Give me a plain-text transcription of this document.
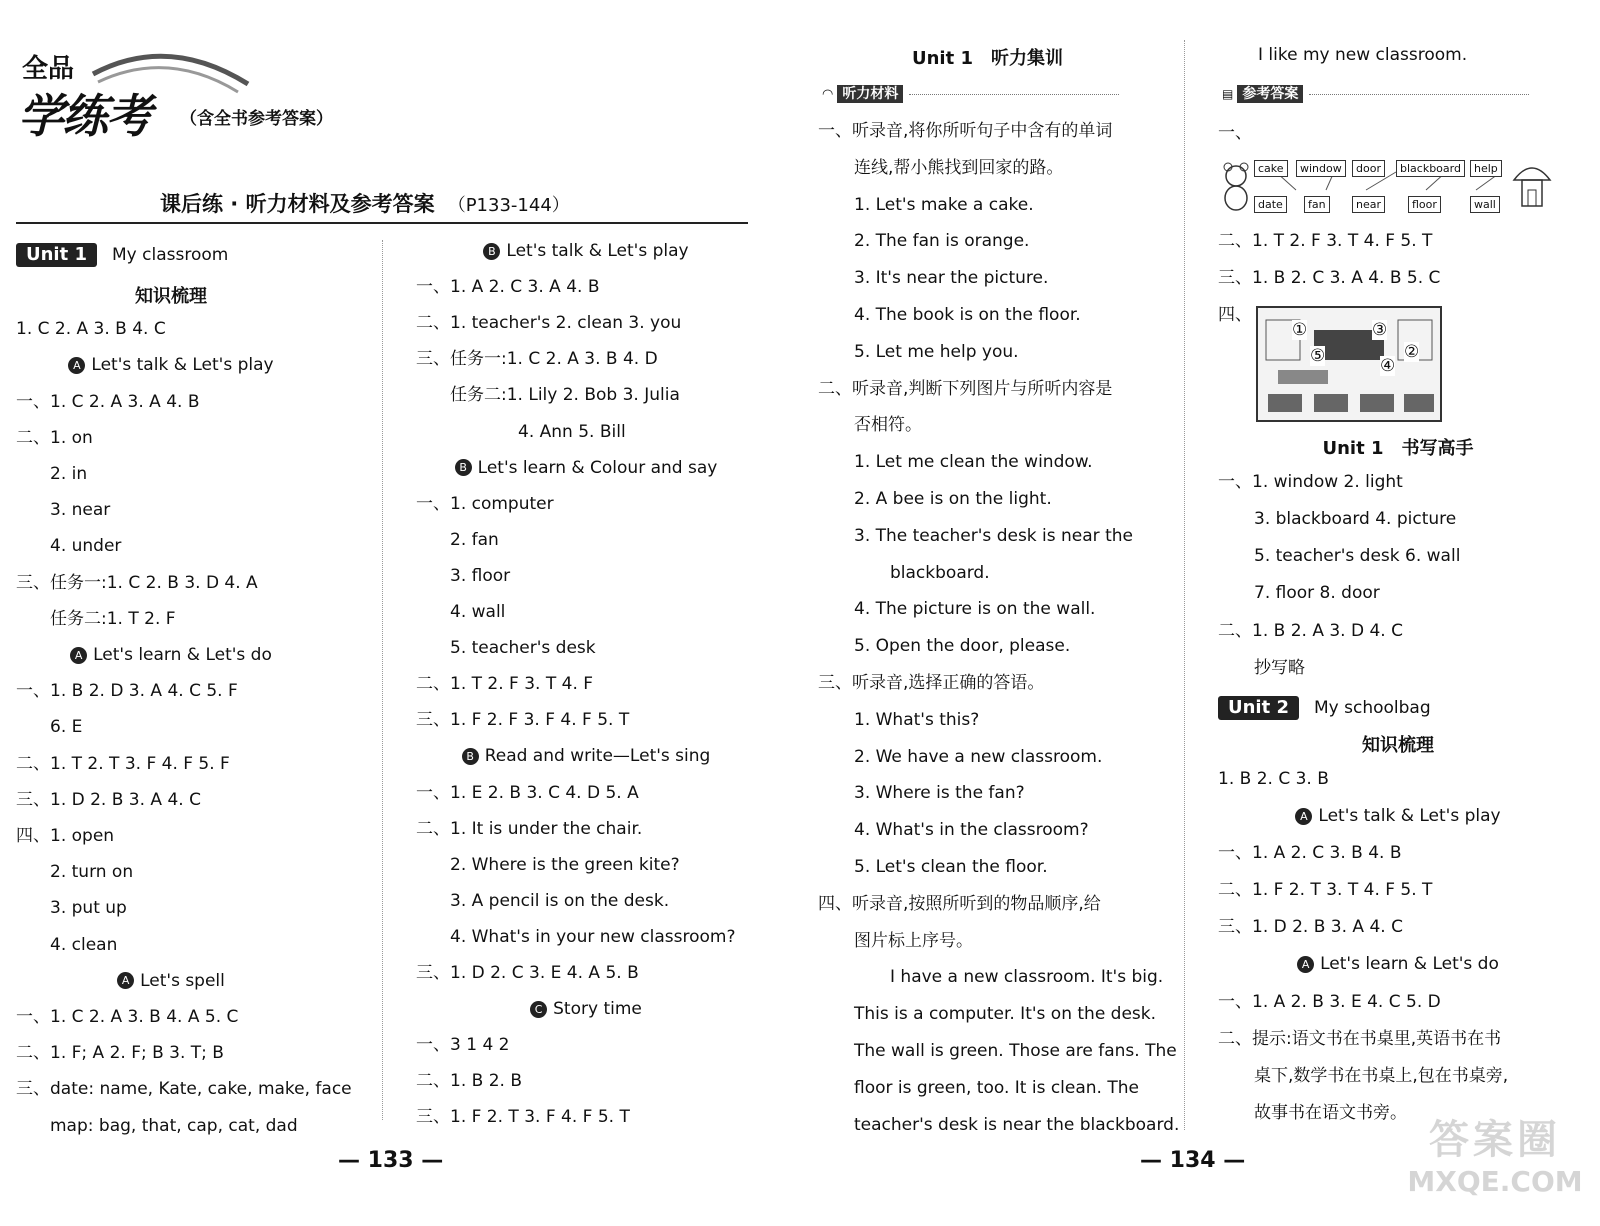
全品
学练考 （含全书参考答案）
课后练 · 听力材料及参考答案 （P133-144）
知识梳理
1. C 2. A 3. B 4. C
A Let's talk & Let's play
一、1. C 2. A 3. A 4. B
二、1. on
2. in
3. near
4. under
三、任务一:1. C 2. B 3. D 4. A
任务二:1. T 2. F
A Let's learn & Let's do
一、1. B 2. D 3. A 4. C 5. F
6. E
二、1. T 2. T 3. F 4. F 5. F
三、1. D 2. B 3. A 4. C
四、1. open
2. turn on
3. put up
4. clean
A Let's spell
一、1. C 2. A 3. B 4. A 5. C
二、1. F; A 2. F; B 3. T; B
三、date: name, Kate, cake, make, face
map: bag, that, cap, cat, dad
B Let's talk & Let's play
一、1. A 2. C 3. A 4. B
二、1. teacher's 2. clean 3. you
三、任务一:1. C 2. A 3. B 4. D
任务二:1. Lily 2. Bob 3. Julia
4. Ann 5. Bill
B Let's learn & Colour and say
一、1. computer
2. fan
3. floor
4. wall
5. teacher's desk
二、1. T 2. F 3. T 4. F
三、1. F 2. F 3. F 4. F 5. T
B Read and write—Let's sing
一、1. E 2. B 3. C 4. D 5. A
二、1. It is under the chair.
2. Where is the green kite?
3. A pencil is on the desk.
4. What's in your new classroom?
三、1. D 2. C 3. E 4. A 5. B
C Story time
一、3 1 4 2
二、1. B 2. B
三、1. F 2. T 3. F 4. F 5. T
一、听录音,将你所听句子中含有的单词
连线,帮小熊找到回家的路。
1. Let's make a cake.
2. The fan is orange.
3. It's near the picture.
4. The book is on the floor.
5. Let me help you.
二、听录音,判断下列图片与所听内容是
否相符。
1. Let me clean the window.
2. A bee is on the light.
3. The teacher's desk is near the
blackboard.
4. The picture is on the wall.
5. Open the door, please.
三、听录音,选择正确的答语。
1. What's this?
2. We have a new classroom.
3. Where is the fan?
4. What's in the classroom?
5. Let's clean the floor.
四、听录音,按照所听到的物品顺序,给
图片标上序号。
I have a new classroom. It's big.
This is a computer. It's on the desk.
The wall is green. Those are fans. The
floor is green, too. It is clean. The
teacher's desk is near the blackboard.
Unit 1　书写高手
一、1. window 2. light
3. blackboard 4. picture
5. teacher's desk 6. wall
7. floor 8. door
二、1. B 2. A 3. D 4. C
抄写略
Unit 2	My schoolbag
知识梳理
1. B 2. C 3. B
A Let's talk & Let's play
一、1. A 2. C 3. B 4. B
二、1. F 2. T 3. T 4. F 5. T
三、1. D 2. B 3. A 4. C
A Let's learn & Let's do
一、1. A 2. B 3. E 4. C 5. D
二、提示:语文书在书桌里,英语书在书
桌下,数学书在书桌上,包在书桌旁,
故事书在语文书旁。
Unit 1	My classroom
Unit 1　听力集训
◠ 听力材料
I like my new classroom.
▤ 参考答案
一、
cake	window	door	blackboard	help
date	fan	near	floor	wall
二、1. T 2. F 3. T 4. F 5. T
三、1. B 2. C 3. A 4. B 5. C
四、
①
②
③
④
⑤
— 133 —	— 134 —	答案圈
MXQE.COM
